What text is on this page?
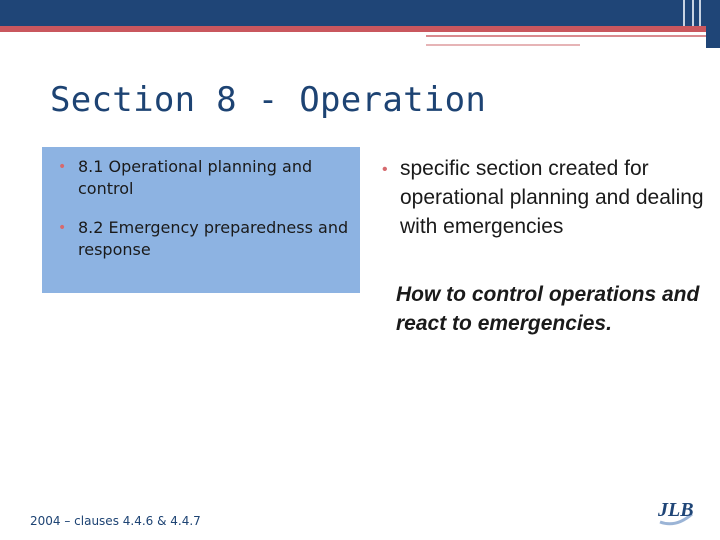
Section 8 - Operation
• 8.1 Operational planning and control
• 8.2 Emergency preparedness and response
• specific section created for operational planning and dealing with emergencies
How to control operations and react to emergencies.
2004 – clauses 4.4.6 & 4.4.7	JLB
